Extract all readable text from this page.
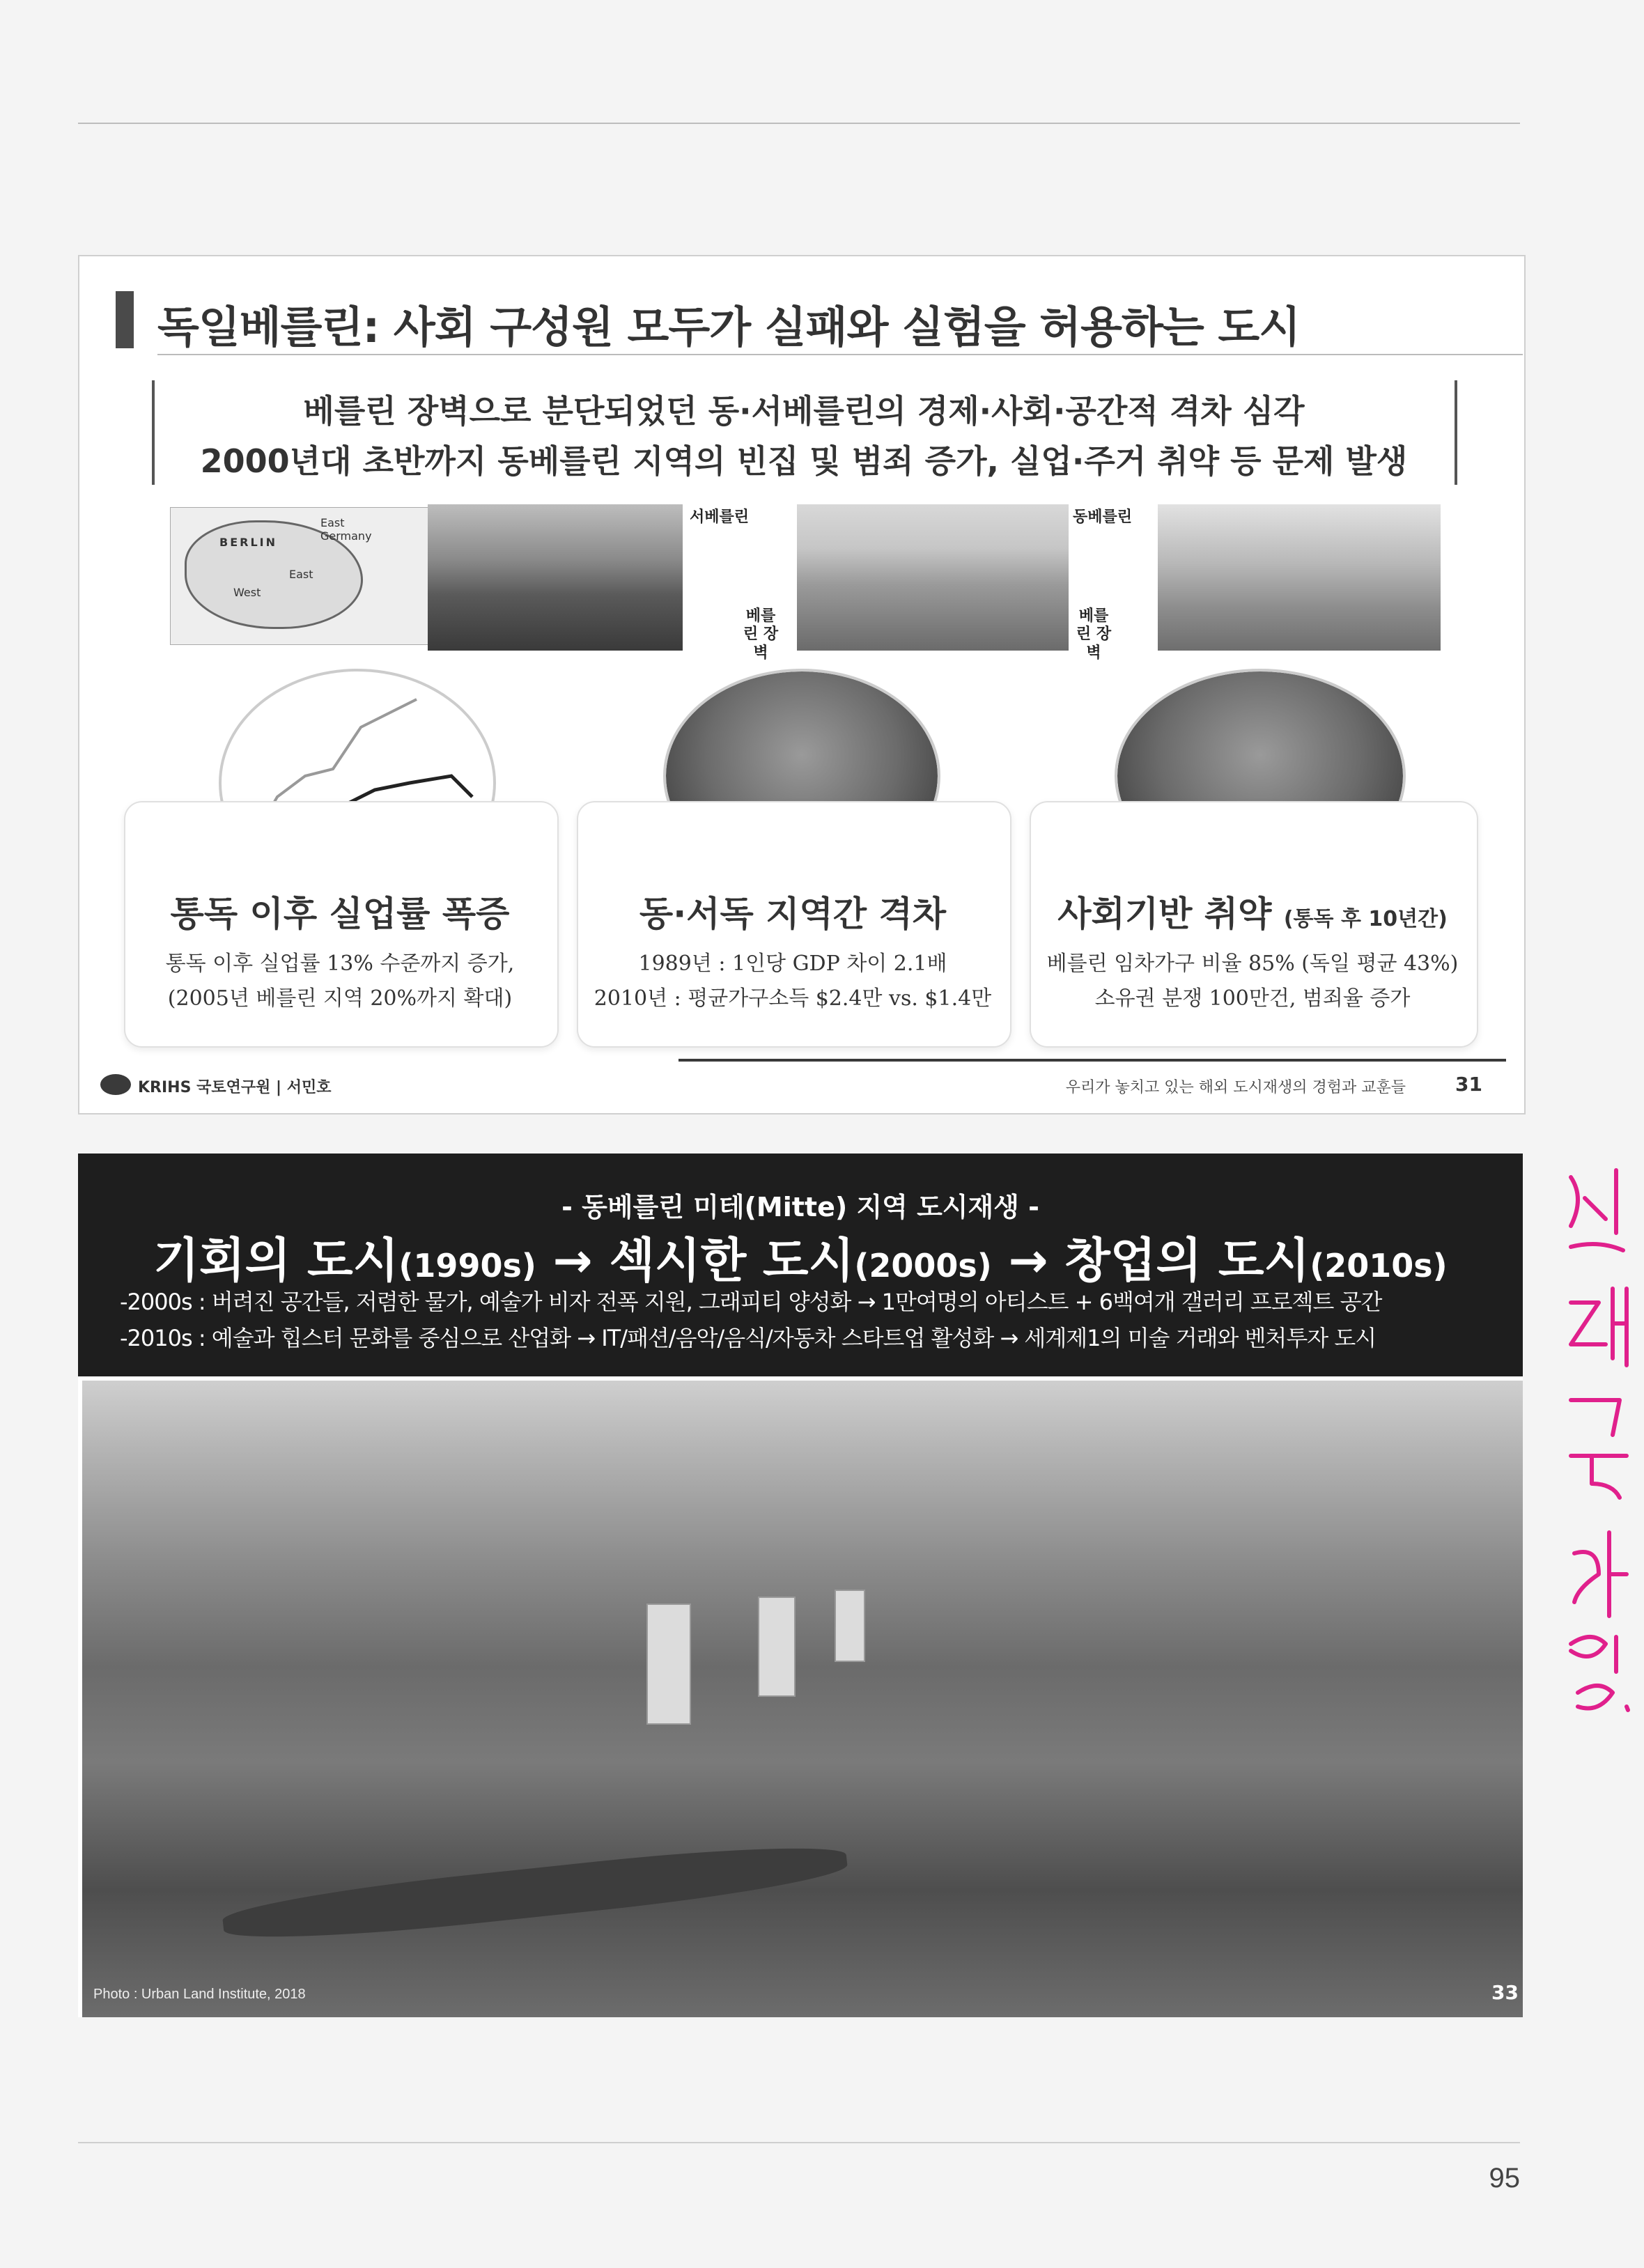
독일베를린: 사회 구성원 모두가 실패와 실험을 허용하는 도시
베를린 장벽으로 분단되었던 동·서베를린의 경제·사회·공간적 격차 심각
2000년대 초반까지 동베를린 지역의 빈집 및 범죄 증가, 실업·주거 취약 등 문제 발생
BERLIN
East Germany
East
West
서베를린
베를린 장벽
동베를린
베를린 장벽
통독 이후 실업률 폭증
통독 이후 실업률 13% 수준까지 증가,
(2005년 베를린 지역 20%까지 확대)
동·서독 지역간 격차
1989년 : 1인당 GDP 차이 2.1배
2010년 : 평균가구소득 $2.4만 vs. $1.4만
사회기반 취약 (통독 후 10년간)
베를린 임차가구 비율 85% (독일 평균 43%)
소유권 분쟁 100만건, 범죄율 증가
KRIHS 국토연구원 | 서민호	우리가 놓치고 있는 해외 도시재생의 경험과 교훈들	31
- 동베를린 미테(Mitte) 지역 도시재생 -
기회의 도시(1990s) → 섹시한 도시(2000s) → 창업의 도시(2010s)
-2000s : 버려진 공간들, 저렴한 물가, 예술가 비자 전폭 지원, 그래피티 양성화 → 1만여명의 아티스트 + 6백여개 갤러리 프로젝트 공간
-2010s : 예술과 힙스터 문화를 중심으로 산업화 → IT/패션/음악/음식/자동차 스타트업 활성화 → 세계제1의 미술 거래와 벤처투자 도시
Photo : Urban Land Institute, 2018	33
95
